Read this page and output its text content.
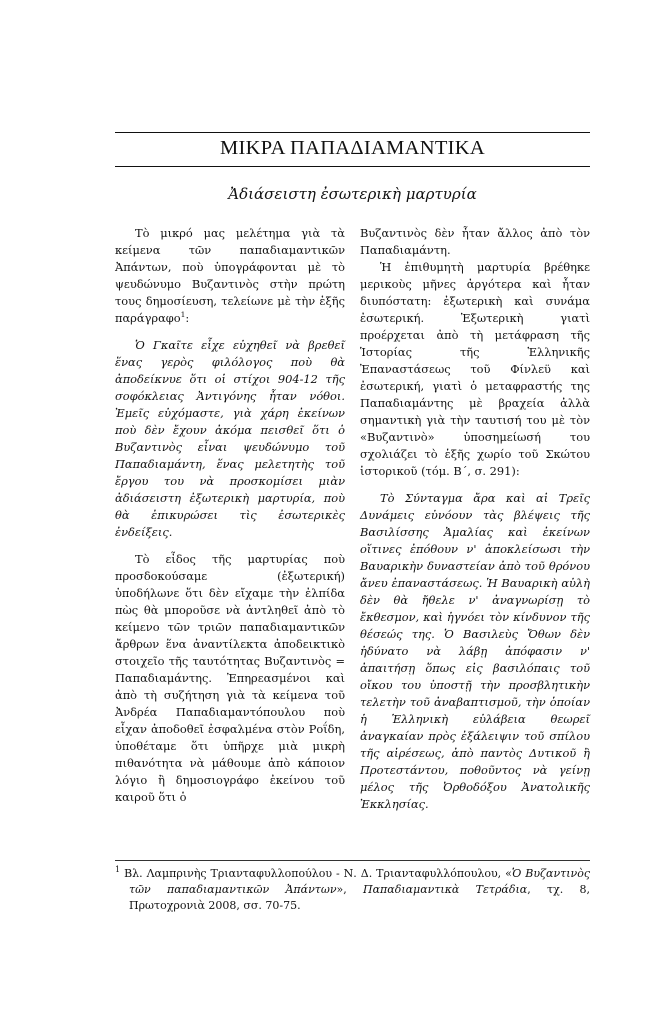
ΜΙΚΡΑ ΠΑΠΑΔΙΑΜΑΝΤΙΚΑ
Ἀδιάσειστη ἐσωτερικὴ μαρτυρία

Τὸ μικρό μας μελέτημα γιὰ τὰ κείμενα τῶν παπαδιαμαντικῶν Ἀπάντων, ποὺ ὑπογράφονται μὲ τὸ ψευδώνυμο Βυζαντινὸς στὴν πρώτη τους δημοσίευση, τελείωνε μὲ τὴν ἑξῆς παράγραφο$^1$:

Ὁ Γκαῖτε εἶχε εὐχηθεῖ νὰ βρεθεῖ ἕνας γερὸς φιλόλογος ποὺ θὰ ἀποδείκνυε ὅτι οἱ στίχοι 904-12 τῆς σοφόκλειας Ἀντιγόνης ἦταν νόθοι. Ἐμεῖς εὐχόμαστε, γιὰ χάρη ἐκείνων ποὺ δὲν ἔχουν ἀκόμα πεισθεῖ ὅτι ὁ Βυζαντινὸς εἶναι ψευδώνυμο τοῦ Παπαδιαμάντη, ἕνας μελετητὴς τοῦ ἔργου του νὰ προσκομίσει μιὰν ἀδιάσειστη ἐξωτερικὴ μαρτυρία, ποὺ θὰ ἐπικυρώσει τὶς ἐσωτερικὲς ἐνδείξεις.

Τὸ εἶδος τῆς μαρτυρίας ποὺ προσδοκούσαμε (ἐξωτερική) ὑποδήλωνε ὅτι δὲν εἴχαμε τὴν ἐλπίδα πὼς θὰ μποροῦσε νὰ ἀντληθεῖ ἀπὸ τὸ κείμενο τῶν τριῶν παπαδιαμαντικῶν ἄρθρων ἕνα ἀναντίλεκτα ἀποδεικτικὸ στοιχεῖο τῆς ταυτότητας Βυζαντινὸς = Παπαδιαμάντης. Ἐπηρεασμένοι καὶ ἀπὸ τὴ συζήτηση γιὰ τὰ κείμενα τοῦ Ἀνδρέα Παπαδιαμαντόπουλου ποὺ εἶχαν ἀποδοθεῖ ἐσφαλμένα στὸν Ροΐδη, ὑποθέταμε ὅτι ὑπῆρχε μιὰ μικρὴ πιθανότητα νὰ μάθουμε ἀπὸ κάποιον λόγιο ἢ δημοσιογράφο ἐκείνου τοῦ καιροῦ ὅτι ὁ

Βυζαντινὸς δὲν ἦταν ἄλλος ἀπὸ τὸν Παπαδιαμάντη.

Ἡ ἐπιθυμητὴ μαρτυρία βρέθηκε μερικοὺς μῆνες ἀργότερα καὶ ἦταν διυπόστατη: ἐξωτερικὴ καὶ συνάμα ἐσωτερική. Ἐξωτερικὴ γιατὶ προέρχεται ἀπὸ τὴ μετάφραση τῆς Ἱστορίας τῆς Ἑλληνικῆς Ἐπαναστάσεως τοῦ Φίνλεϋ καὶ ἐσωτερική, γιατὶ ὁ μεταφραστής της Παπαδιαμάντης μὲ βραχεία ἀλλὰ σημαντικὴ γιὰ τὴν ταυτισή του μὲ τὸν «Βυζαντινὸ» ὑποσημείωσή του σχολιάζει τὸ ἑξῆς χωρίο τοῦ Σκώτου ἱστορικοῦ (τόμ. Β΄, σ. 291):

Τὸ Σύνταγμα ἄρα καὶ αἱ Τρεῖς Δυνάμεις εὐνόουν τὰς βλέψεις τῆς Βασιλίσσης Ἀμαλίας καὶ ἐκείνων οἵτινες ἐπόθουν ν' ἀποκλείσωσι τὴν Βαυαρικὴν δυναστείαν ἀπὸ τοῦ θρόνου ἄνευ ἐπαναστάσεως. Ἡ Βαυαρικὴ αὐλὴ δὲν θὰ ἤθελε ν' ἀναγνωρίσῃ τὸ ἔκθεσμον, καὶ ἠγνόει τὸν κίνδυνον τῆς θέσεώς της. Ὁ Βασιλεὺς Ὄθων δὲν ἠδύνατο νὰ λάβῃ ἀπόφασιν ν' ἀπαιτήσῃ ὅπως εἰς βασιλόπαις τοῦ οἴκου του ὑποστῇ τὴν προσβλητικὴν τελετὴν τοῦ ἀναβαπτισμοῦ, τὴν ὁποίαν ἡ Ἑλληνικὴ εὐλάβεια θεωρεῖ ἀναγκαίαν πρὸς ἐξάλειψιν τοῦ σπίλου τῆς αἱρέσεως, ἀπὸ παντὸς Δυτικοῦ ἢ Προτεστάντου, ποθοῦντος νὰ γείνῃ μέλος τῆς Ὀρθοδόξου Ἀνατολικῆς Ἐκκλησίας.

$^1$ Βλ. Λαμπρινὴς Τριανταφυλλοπούλου - Ν. Δ. Τριανταφυλλόπουλου, «Ὁ Βυζαντινὸς τῶν παπαδιαμαντικῶν Ἀπάντων», Παπαδιαμαντικὰ Τετράδια, τχ. 8, Πρωτοχρονιὰ 2008, σσ. 70-75.
